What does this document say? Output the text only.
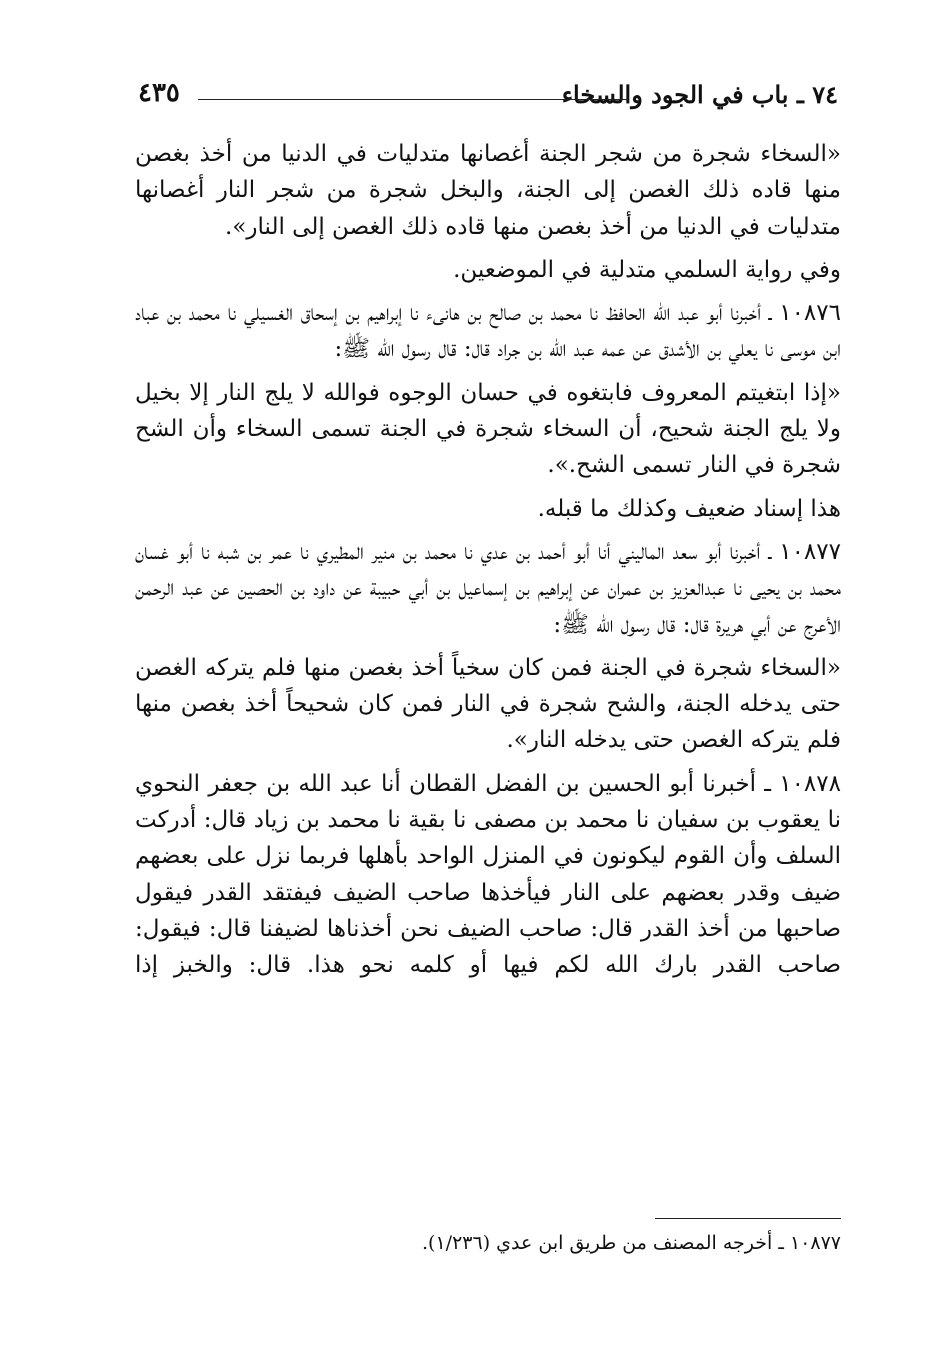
٧٤ ـ باب في الجود والسخاء
٤٣٥

«السخاء شجرة من شجر الجنة أغصانها متدليات في الدنيا من أخذ بغصن منها قاده ذلك الغصن إلى الجنة، والبخل شجرة من شجر النار أغصانها متدليات في الدنيا من أخذ بغصن منها قاده ذلك الغصن إلى النار».

وفي رواية السلمي متدلية في الموضعين.

١٠٨٧٦ ـ أخبرنا أبو عبد الله الحافظ نا محمد بن صالح بن هانىء نا إبراهيم بن إسحاق الغسيلي نا محمد بن عباد ابن موسى نا يعلي بن الأشدق عن عمه عبد الله بن جراد قال: قال رسول الله ﷺ:

«إذا ابتغيتم المعروف فابتغوه في حسان الوجوه فوالله لا يلج النار إلا بخيل ولا يلج الجنة شحيح، أن السخاء شجرة في الجنة تسمى السخاء وأن الشح شجرة في النار تسمى الشح.».

هذا إسناد ضعيف وكذلك ما قبله.

١٠٨٧٧ ـ أخبرنا أبو سعد الماليني أنا أبو أحمد بن عدي نا محمد بن منير المطيري نا عمر بن شبه نا أبو غسان محمد بن يحيى نا عبدالعزيز بن عمران عن إبراهيم بن إسماعيل بن أبي حبيبة عن داود بن الحصين عن عبد الرحمن الأعرج عن أبي هريرة قال: قال رسول الله ﷺ:

«السخاء شجرة في الجنة فمن كان سخياً أخذ بغصن منها فلم يتركه الغصن حتى يدخله الجنة، والشح شجرة في النار فمن كان شحيحاً أخذ بغصن منها فلم يتركه الغصن حتى يدخله النار».

١٠٨٧٨ ـ أخبرنا أبو الحسين بن الفضل القطان أنا عبد الله بن جعفر النحوي نا يعقوب بن سفيان نا محمد بن مصفى نا بقية نا محمد بن زياد قال: أدركت السلف وأن القوم ليكونون في المنزل الواحد بأهلها فربما نزل على بعضهم ضيف وقدر بعضهم على النار فيأخذها صاحب الضيف فيفتقد القدر فيقول صاحبها من أخذ القدر قال: صاحب الضيف نحن أخذناها لضيفنا قال: فيقول: صاحب القدر بارك الله لكم فيها أو كلمه نحو هذا. قال: والخبز إذا

١٠٨٧٧ ـ أخرجه المصنف من طريق ابن عدي (١/٢٣٦).
